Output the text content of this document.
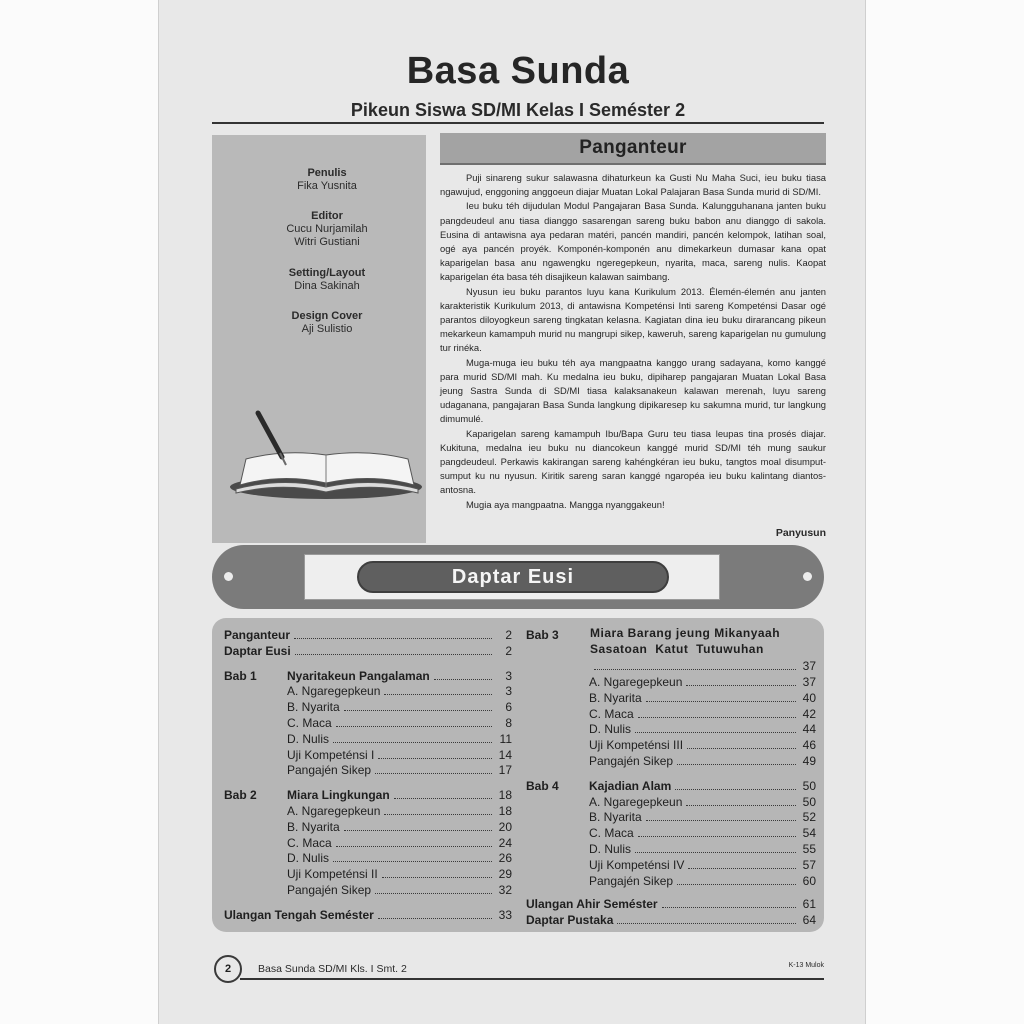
Basa Sunda
Pikeun Siswa SD/MI Kelas I Seméster 2
Penulis
Fika Yusnita
Editor
Cucu Nurjamilah
Witri Gustiani
Setting/Layout
Dina Sakinah
Design Cover
Aji Sulistio
Panganteur

Puji sinareng sukur salawasna dihaturkeun ka Gusti Nu Maha Suci, ieu buku tiasa ngawujud, enggoning anggoeun diajar Muatan Lokal Palajaran Basa Sunda murid di SD/MI.

Ieu buku téh dijudulan Modul Pangajaran Basa Sunda. Kalungguhanana janten buku pangdeudeul anu tiasa dianggo sasarengan sareng buku babon anu dianggo di sakola. Eusina di antawisna aya pedaran matéri, pancén mandiri, pancén kelompok, latihan soal, ogé aya pancén proyék. Komponén-komponén anu dimekarkeun dumasar kana opat kaparigelan basa anu ngawengku ngeregepkeun, nyarita, maca, sareng nulis. Kaopat kaparigelan éta basa téh disajikeun kalawan saimbang.

Nyusun ieu buku parantos luyu kana Kurikulum 2013. Élemén-élemén anu janten karakteristik Kurikulum 2013, di antawisna Kompeténsi Inti sareng Kompeténsi Dasar ogé parantos diloyogkeun sareng tingkatan kelasna. Kagiatan dina ieu buku dirarancang pikeun mekarkeun kamampuh murid nu mangrupi sikep, kaweruh, sareng kaparigelan nu gumulung tur rinéka.

Muga-muga ieu buku téh aya mangpaatna kanggo urang sadayana, komo kanggé para murid SD/MI mah. Ku medalna ieu buku, dipiharep pangajaran Muatan Lokal Basa jeung Sastra Sunda di SD/MI tiasa kalaksanakeun kalawan merenah, luyu sareng udaganana, pangajaran Basa Sunda langkung dipikaresep ku sakumna murid, tur langkung dimumulé.

Kaparigelan sareng kamampuh Ibu/Bapa Guru teu tiasa leupas tina prosés diajar. Kukituna, medalna ieu buku nu diancokeun kanggé murid SD/MI téh mung saukur pangdeudeul. Perkawis kakirangan sareng kahéngkéran ieu buku, tangtos moal disumput-sumput ku nu nyusun. Kiritik sareng saran kanggé ngaropéa ieu buku kalintang diantos-antosna.

Mugia aya mangpaatna. Mangga nyanggakeun!

Panyusun
Daptar Eusi
Panganteur	2
Daptar Eusi	2
Bab 1	Nyaritakeun Pangalaman	3
A. Ngaregepkeun	3
B. Nyarita	6
C. Maca	8
D. Nulis	11
Uji Kompeténsi I	14
Pangajén Sikep	17
Bab 2	Miara Lingkungan	18
A. Ngaregepkeun	18
B. Nyarita	20
C. Maca	24
D. Nulis	26
Uji Kompeténsi II	29
Pangajén Sikep	32
Ulangan Tengah Seméster	33
Bab 3	Miara Barang jeung Mikanyaah
Sasatoan Katut Tutuwuhan
37
A. Ngaregepkeun	37
B. Nyarita	40
C. Maca	42
D. Nulis	44
Uji Kompeténsi III	46
Pangajén Sikep	49
Bab 4	Kajadian Alam	50
A. Ngaregepkeun	50
B. Nyarita	52
C. Maca	54
D. Nulis	55
Uji Kompeténsi IV	57
Pangajén Sikep	60
Ulangan Ahir Seméster	61
Daptar Pustaka	64
2	Basa Sunda SD/MI Kls. I Smt. 2	K-13 Mulok
